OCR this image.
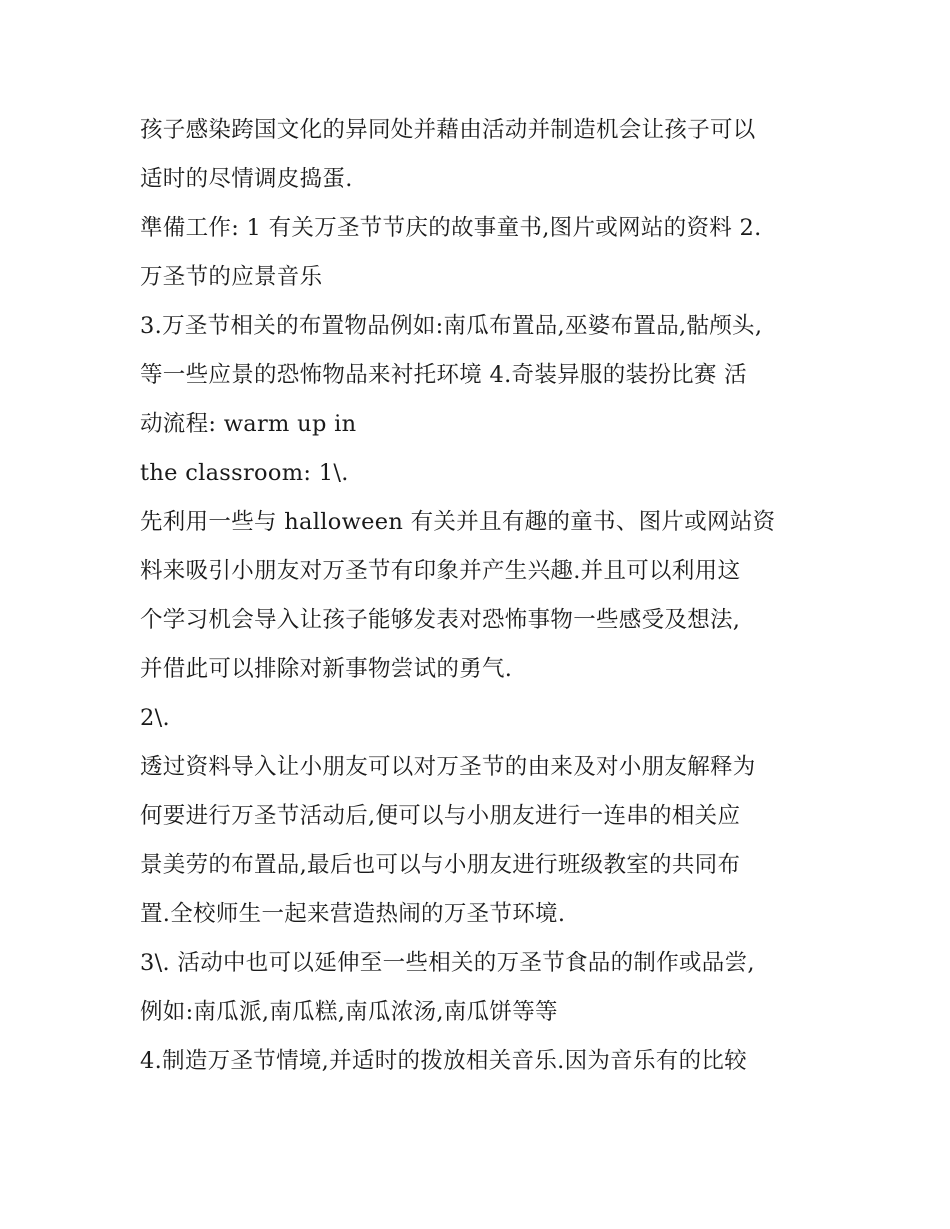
孩子感染跨国文化的异同处并藉由活动并制造机会让孩子可以
适时的尽情调皮捣蛋.
準備工作: 1 有关万圣节节庆的故事童书,图片或网站的资料 2.
万圣节的应景音乐
3.万圣节相关的布置物品例如:南瓜布置品,巫婆布置品,骷颅头,
等一些应景的恐怖物品来衬托环境 4.奇装异服的装扮比赛 活
动流程: warm up in
the classroom: 1\.
先利用一些与 halloween 有关并且有趣的童书、图片或网站资
料来吸引小朋友对万圣节有印象并产生兴趣.并且可以利用这
个学习机会导入让孩子能够发表对恐怖事物一些感受及想法,
并借此可以排除对新事物尝试的勇气.
2\.
透过资料导入让小朋友可以对万圣节的由来及对小朋友解释为
何要进行万圣节活动后,便可以与小朋友进行一连串的相关应
景美劳的布置品,最后也可以与小朋友进行班级教室的共同布
置.全校师生一起来营造热闹的万圣节环境.
3\. 活动中也可以延伸至一些相关的万圣节食品的制作或品尝,
例如:南瓜派,南瓜糕,南瓜浓汤,南瓜饼等等
4.制造万圣节情境,并适时的拨放相关音乐.因为音乐有的比较
